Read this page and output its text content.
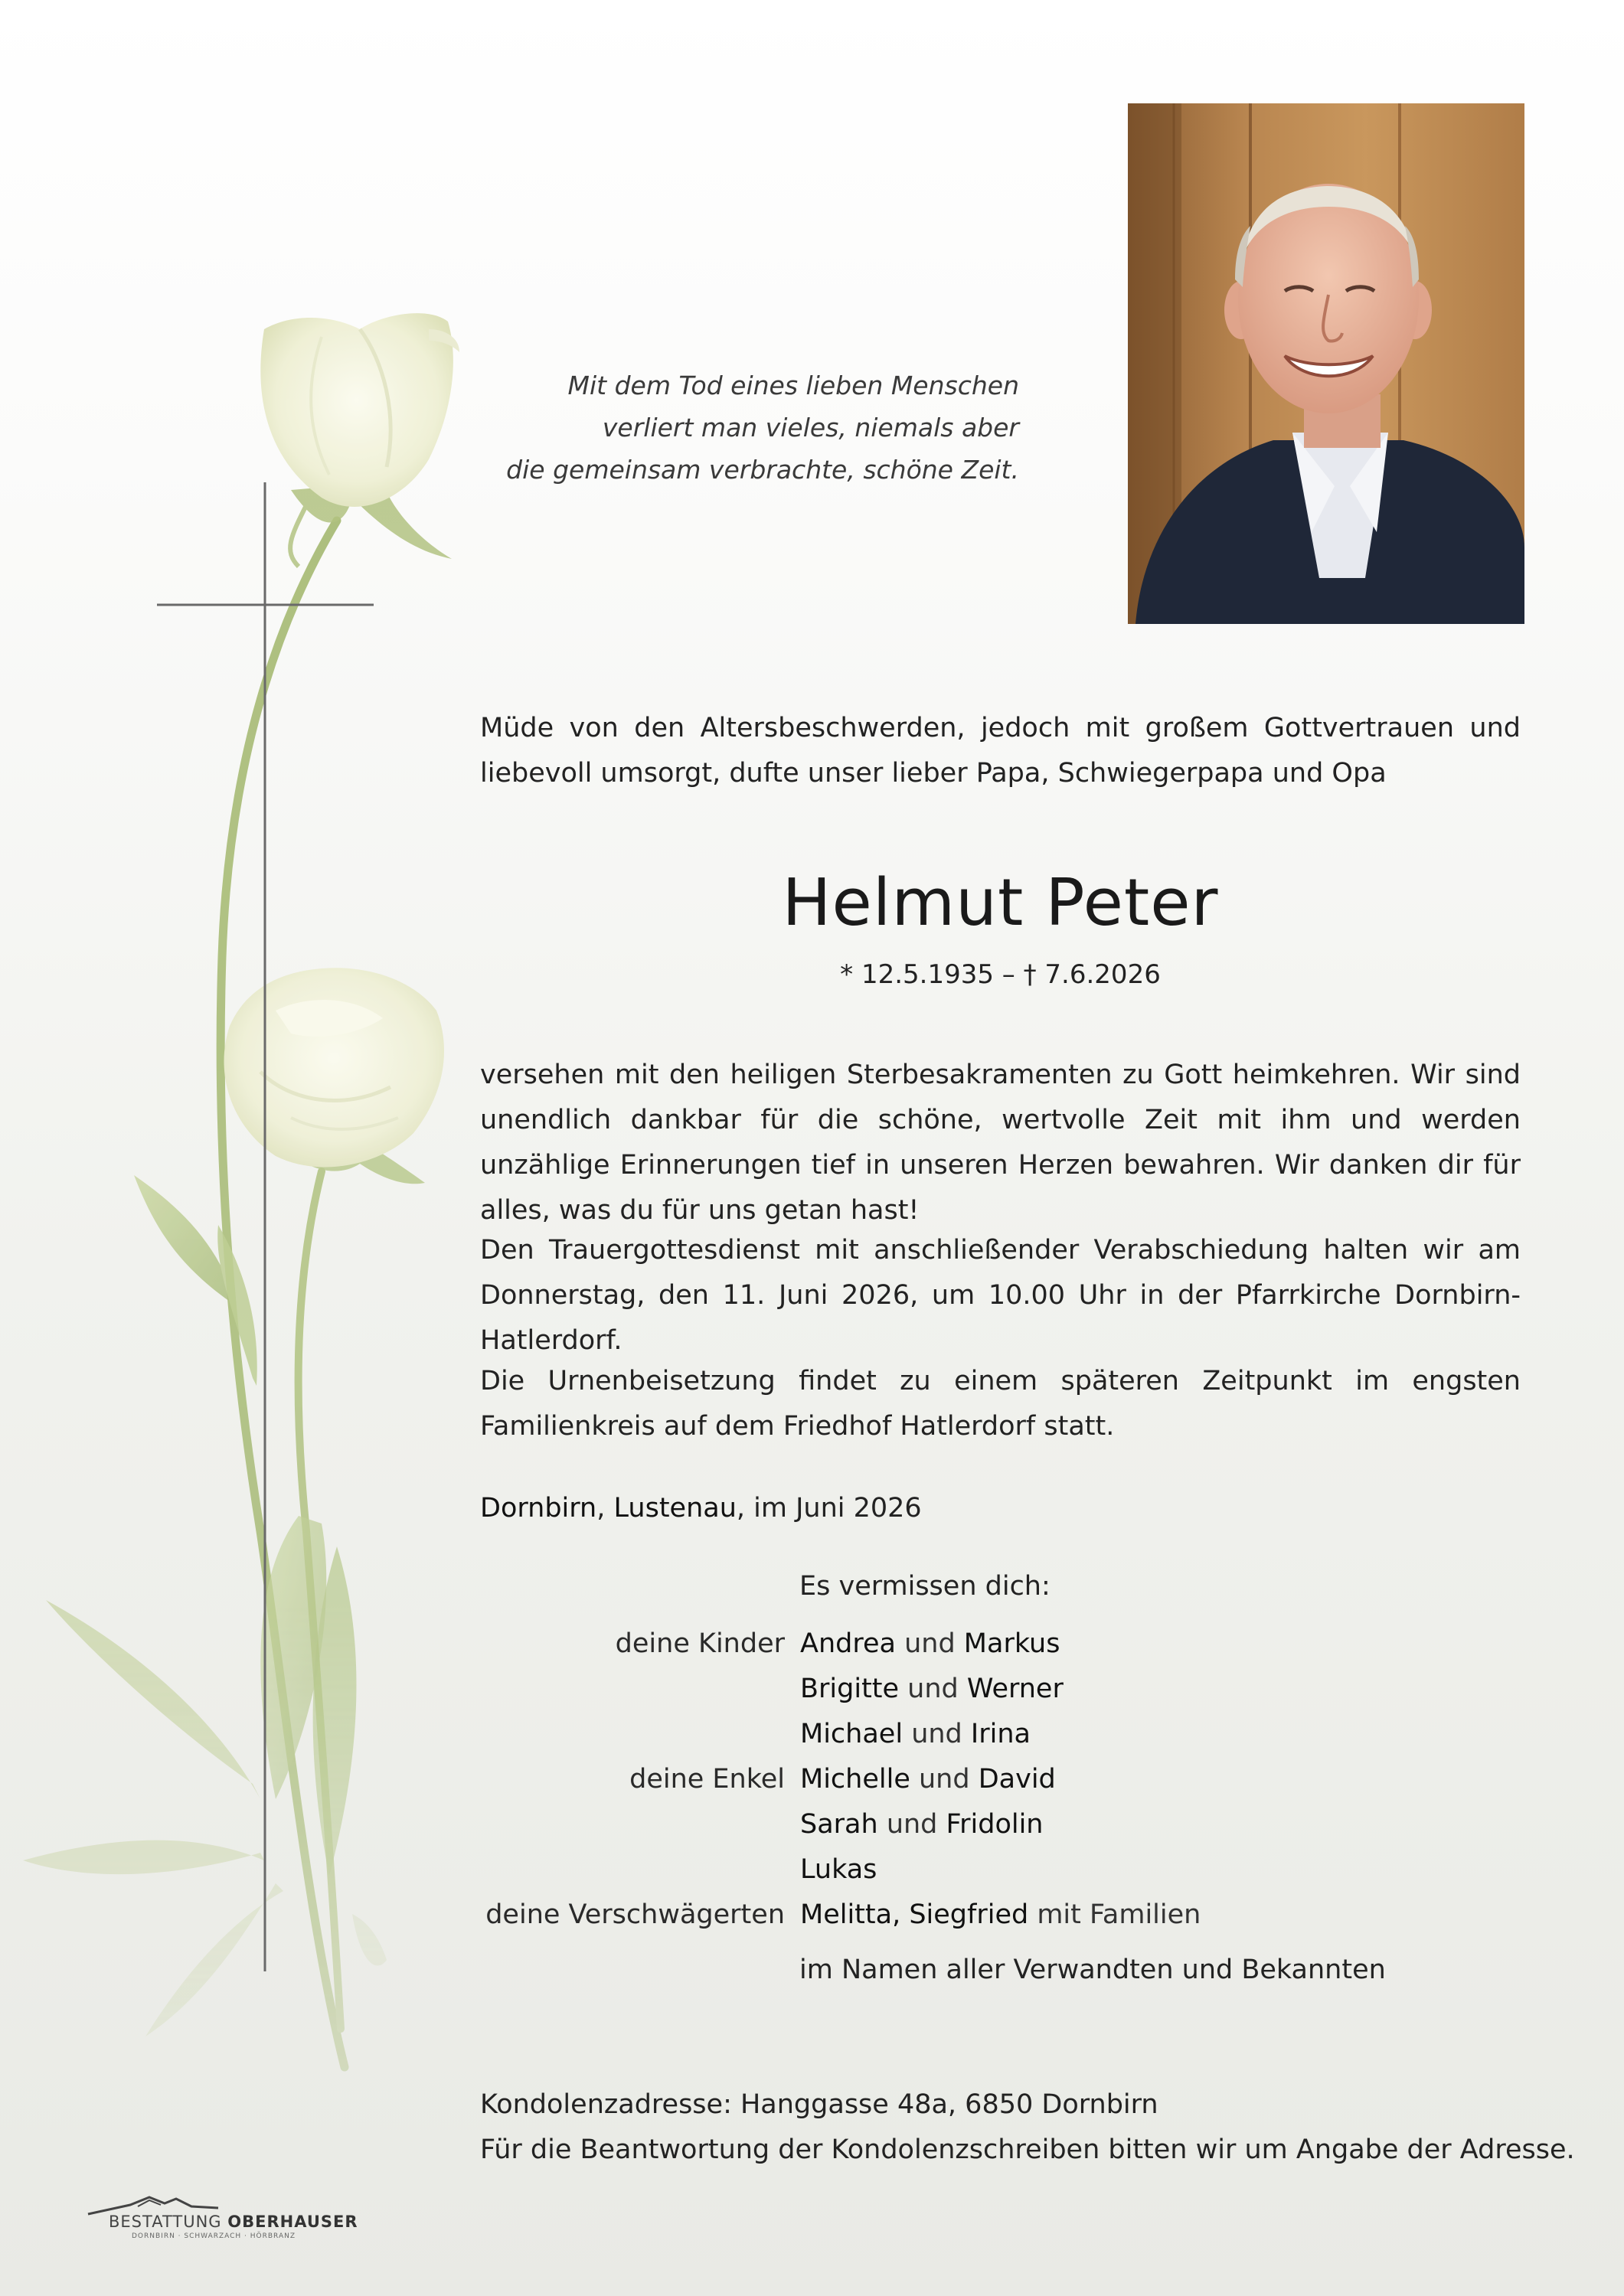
Mit dem Tod eines lieben Menschen
verliert man vieles, niemals aber
die gemeinsam verbrachte, schöne Zeit.
Müde von den Altersbeschwerden, jedoch mit großem Gottvertrauen und liebevoll umsorgt, dufte unser lieber Papa, Schwiegerpapa und Opa
Helmut Peter
* 12.5.1935 – † 7.6.2026
versehen mit den heiligen Sterbesakramenten zu Gott heimkehren. Wir sind unendlich dankbar für die schöne, wertvolle Zeit mit ihm und werden unzählige Erinnerungen tief in unseren Herzen bewahren. Wir danken dir für alles, was du für uns getan hast!
Den Trauergottesdienst mit anschließender Verabschiedung halten wir am Donnerstag, den 11. Juni 2026, um 10.00 Uhr in der Pfarrkirche Dornbirn-Hatlerdorf.
Die Urnenbeisetzung findet zu einem späteren Zeitpunkt im engsten Familienkreis auf dem Friedhof Hatlerdorf statt.
Dornbirn, Lustenau, im Juni 2026
Es vermissen dich:
deine Kinder Andrea und Markus
Brigitte und Werner
Michael und Irina
deine Enkel Michelle und David
Sarah und Fridolin
Lukas
deine Verschwägerten Melitta, Siegfried mit Familien
im Namen aller Verwandten und Bekannten
Kondolenzadresse: Hanggasse 48a, 6850 Dornbirn
Für die Beantwortung der Kondolenzschreiben bitten wir um Angabe der Adresse.
BESTATTUNG OBERHAUSER
DORNBIRN · SCHWARZACH · HÖRBRANZ
